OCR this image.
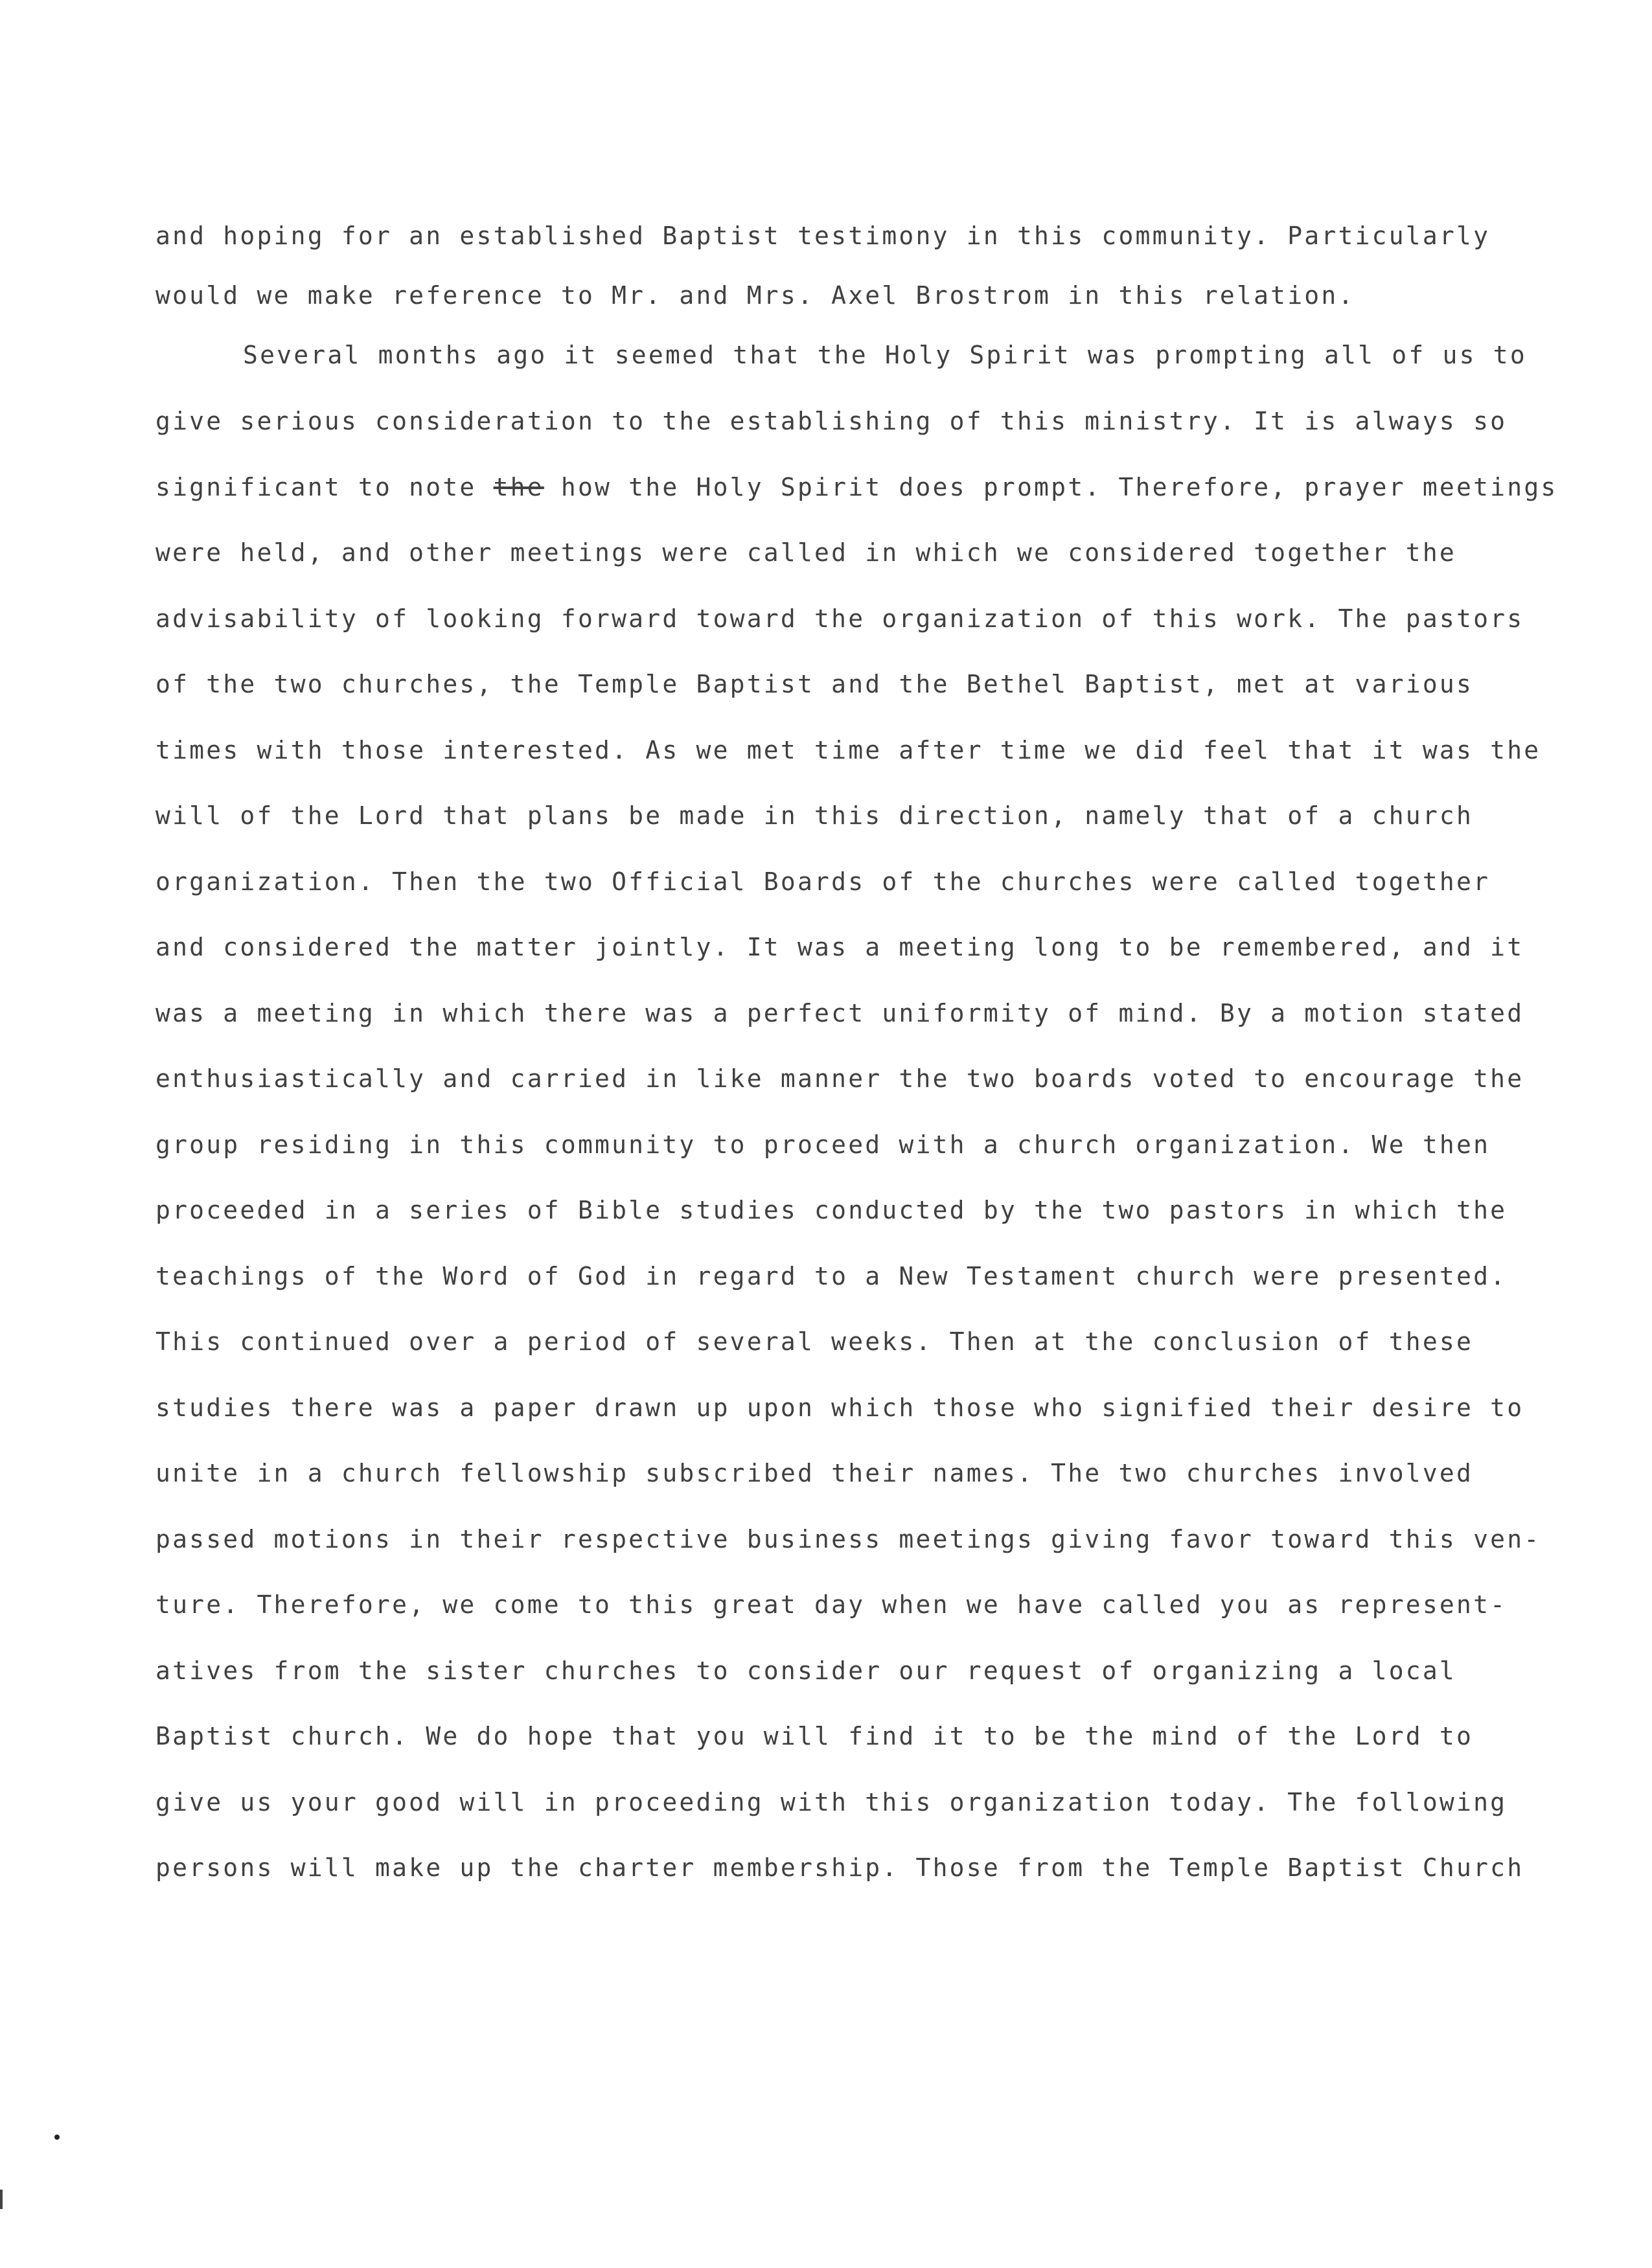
and hoping for an established Baptist testimony in this community. Particularly
would we make reference to Mr. and Mrs. Axel Brostrom in this relation.
Several months ago it seemed that the Holy Spirit was prompting all of us to
give serious consideration to the establishing of this ministry. It is always so
significant to note the how the Holy Spirit does prompt. Therefore, prayer meetings
were held, and other meetings were called in which we considered together the
advisability of looking forward toward the organization of this work. The pastors
of the two churches, the Temple Baptist and the Bethel Baptist, met at various
times with those interested. As we met time after time we did feel that it was the
will of the Lord that plans be made in this direction, namely that of a church
organization. Then the two Official Boards of the churches were called together
and considered the matter jointly. It was a meeting long to be remembered, and it
was a meeting in which there was a perfect uniformity of mind. By a motion stated
enthusiastically and carried in like manner the two boards voted to encourage the
group residing in this community to proceed with a church organization. We then
proceeded in a series of Bible studies conducted by the two pastors in which the
teachings of the Word of God in regard to a New Testament church were presented.
This continued over a period of several weeks. Then at the conclusion of these
studies there was a paper drawn up upon which those who signified their desire to
unite in a church fellowship subscribed their names. The two churches involved
passed motions in their respective business meetings giving favor toward this ven-
ture. Therefore, we come to this great day when we have called you as represent-
atives from the sister churches to consider our request of organizing a local
Baptist church. We do hope that you will find it to be the mind of the Lord to
give us your good will in proceeding with this organization today. The following
persons will make up the charter membership. Those from the Temple Baptist Church
